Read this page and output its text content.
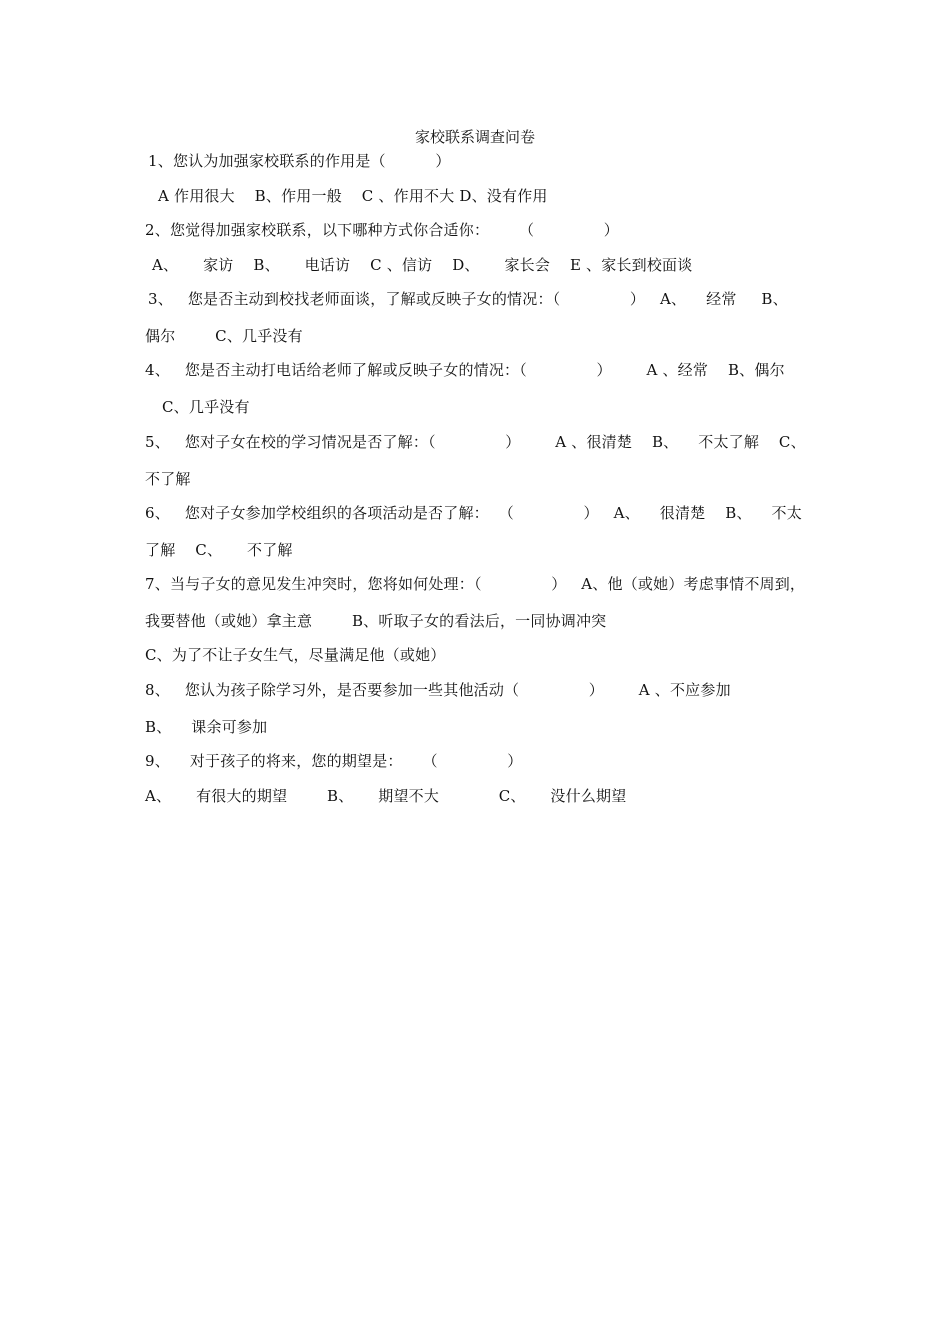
家校联系调查问卷
1、您认为加强家校联系的作用是（          ）
A 作用很大    B、作用一般    C 、作用不大 D、没有作用
2、您觉得加强家校联系，以下哪种方式你合适你：      （              ）
A、     家访    B、     电话访    C 、信访    D、     家长会    E 、家长到校面谈
3、   您是否主动到校找老师面谈，了解或反映子女的情况：（              ）   A、    经常     B、
偶尔        C、几乎没有
4、   您是否主动打电话给老师了解或反映子女的情况：（              ）       A 、经常    B、偶尔
C、几乎没有
5、   您对子女在校的学习情况是否了解：（              ）       A 、很清楚    B、    不太了解    C、
不了解
6、   您对子女参加学校组织的各项活动是否了解：  （              ）   A、    很清楚    B、    不太
了解    C、     不了解
7、当与子女的意见发生冲突时，您将如何处理：（              ）   A、他（或她）考虑事情不周到，
我要替他（或她）拿主意        B、听取子女的看法后，一同协调冲突
C、为了不让子女生气，尽量满足他（或她）
8、   您认为孩子除学习外，是否要参加一些其他活动（              ）       A 、不应参加
B、    课余可参加
9、    对于孩子的将来，您的期望是：    （              ）
A、     有很大的期望        B、     期望不大            C、     没什么期望
